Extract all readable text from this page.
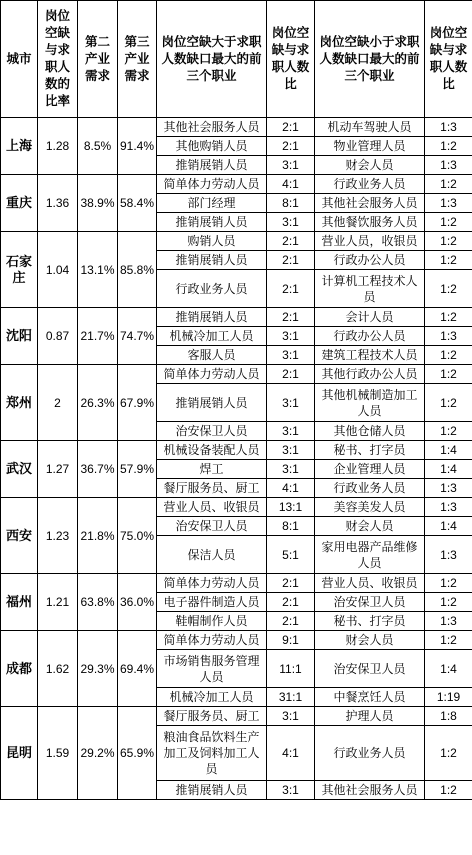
城市	岗位空缺与求职人数的比率	第二产业需求	第三产业需求	岗位空缺大于求职人数缺口最大的前三个职业	岗位空缺与求职人数比	岗位空缺小于求职人数缺口最大的前三个职业	岗位空缺与求职人数比
上海	1.28	8.5%	91.4%	其他社会服务人员	2:1	机动车驾驶人员	1:3
				其他购销人员	2:1	物业管理人员	1:2
				推销展销人员	3:1	财会人员	1:3
重庆	1.36	38.9%	58.4%	简单体力劳动人员	4:1	行政业务人员	1:2
				部门经理	8:1	其他社会服务人员	1:3
				推销展销人员	3:1	其他餐饮服务人员	1:2
石家庄	1.04	13.1%	85.8%	购销人员	2:1	营业人员，收银员	1:2
				推销展销人员	2:1	行政办公人员	1:2
				行政业务人员	2:1	计算机工程技术人员	1:2
沈阳	0.87	21.7%	74.7%	推销展销人员	2:1	会计人员	1:2
				机械冷加工人员	3:1	行政办公人员	1:3
				客服人员	3:1	建筑工程技术人员	1:2
郑州	2	26.3%	67.9%	简单体力劳动人员	2:1	其他行政办公人员	1:2
				推销展销人员	3:1	其他机械制造加工人员	1:2
				治安保卫人员	3:1	其他仓储人员	1:2
武汉	1.27	36.7%	57.9%	机械设备装配人员	3:1	秘书、打字员	1:4
				焊工	3:1	企业管理人员	1:4
				餐厅服务员、厨工	4:1	行政业务人员	1:3
西安	1.23	21.8%	75.0%	营业人员、收银员	13:1	美容美发人员	1:3
				治安保卫人员	8:1	财会人员	1:4
				保洁人员	5:1	家用电器产品维修人员	1:3
福州	1.21	63.8%	36.0%	简单体力劳动人员	2:1	营业人员、收银员	1:2
				电子器件制造人员	2:1	治安保卫人员	1:2
				鞋帽制作人员	2:1	秘书、打字员	1:3
成都	1.62	29.3%	69.4%	简单体力劳动人员	9:1	财会人员	1:2
				市场销售服务管理人员	11:1	治安保卫人员	1:4
				机械冷加工人员	31:1	中餐烹饪人员	1:19
昆明	1.59	29.2%	65.9%	餐厅服务员、厨工	3:1	护理人员	1:8
				粮油食品饮料生产加工及饲料加工人员	4:1	行政业务人员	1:2
				推销展销人员	3:1	其他社会服务人员	1:2
